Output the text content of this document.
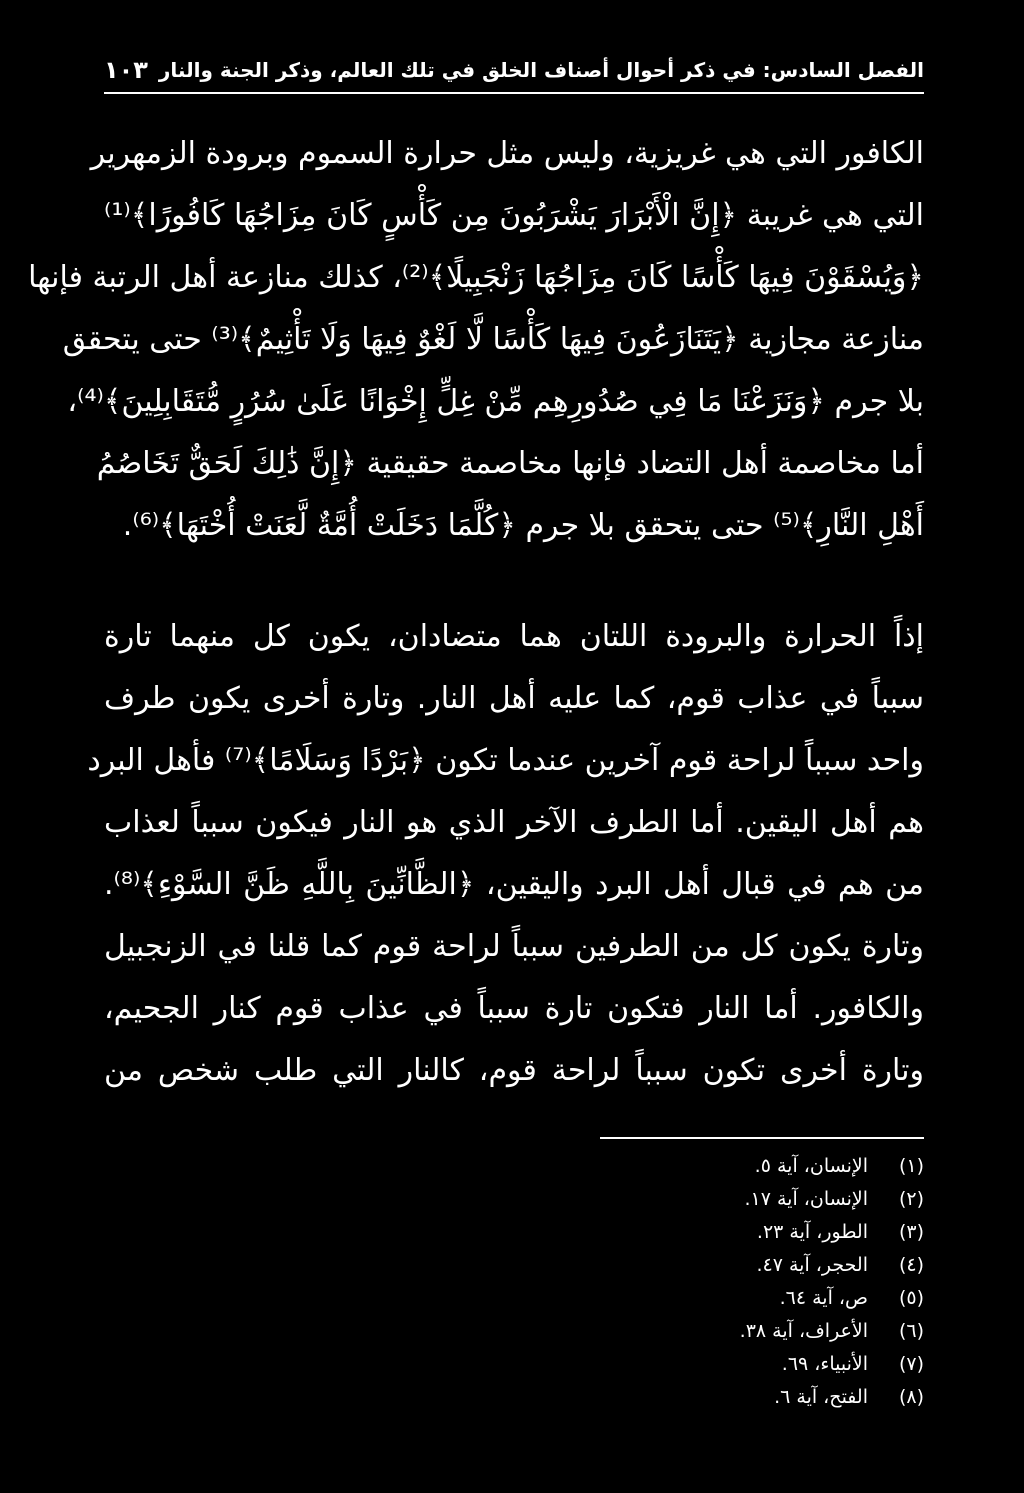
الفصل السادس: في ذكر أحوال أصناف الخلق في تلك العالم، وذكر الجنة والنار
١٠٣
الكافور التي هي غريزية، وليس مثل حرارة السموم وبرودة الزمهرير
التي هي غريبة ﴿إِنَّ الْأَبْرَارَ يَشْرَبُونَ مِن كَأْسٍ كَانَ مِزَاجُهَا كَافُورًا﴾⁽¹⁾
﴿وَيُسْقَوْنَ فِيهَا كَأْسًا كَانَ مِزَاجُهَا زَنْجَبِيلًا﴾⁽²⁾، كذلك منازعة أهل الرتبة فإنها
منازعة مجازية ﴿يَتَنَازَعُونَ فِيهَا كَأْسًا لَّا لَغْوٌ فِيهَا وَلَا تَأْثِيمٌ﴾⁽³⁾ حتى يتحقق
بلا جرم ﴿وَنَزَعْنَا مَا فِي صُدُورِهِم مِّنْ غِلٍّ إِخْوَانًا عَلَىٰ سُرُرٍ مُّتَقَابِلِينَ﴾⁽⁴⁾،
أما مخاصمة أهل التضاد فإنها مخاصمة حقيقية ﴿إِنَّ ذَٰلِكَ لَحَقٌّ تَخَاصُمُ
أَهْلِ النَّارِ﴾⁽⁵⁾ حتى يتحقق بلا جرم ﴿كُلَّمَا دَخَلَتْ أُمَّةٌ لَّعَنَتْ أُخْتَهَا﴾⁽⁶⁾.
إذاً الحرارة والبرودة اللتان هما متضادان، يكون كل منهما تارة
سبباً في عذاب قوم، كما عليه أهل النار. وتارة أخرى يكون طرف
واحد سبباً لراحة قوم آخرين عندما تكون ﴿بَرْدًا وَسَلَامًا﴾⁽⁷⁾ فأهل البرد
هم أهل اليقين. أما الطرف الآخر الذي هو النار فيكون سبباً لعذاب
من هم في قبال أهل البرد واليقين، ﴿الظَّانِّينَ بِاللَّهِ ظَنَّ السَّوْءِ﴾⁽⁸⁾.
وتارة يكون كل من الطرفين سبباً لراحة قوم كما قلنا في الزنجبيل
والكافور. أما النار فتكون تارة سبباً في عذاب قوم كنار الجحيم،
وتارة أخرى تكون سبباً لراحة قوم، كالنار التي طلب شخص من
(١)
الإنسان، آية ٥.
(٢)
الإنسان، آية ١٧.
(٣)
الطور، آية ٢٣.
(٤)
الحجر، آية ٤٧.
(٥)
ص، آية ٦٤.
(٦)
الأعراف، آية ٣٨.
(٧)
الأنبياء، ٦٩.
(٨)
الفتح، آية ٦.
